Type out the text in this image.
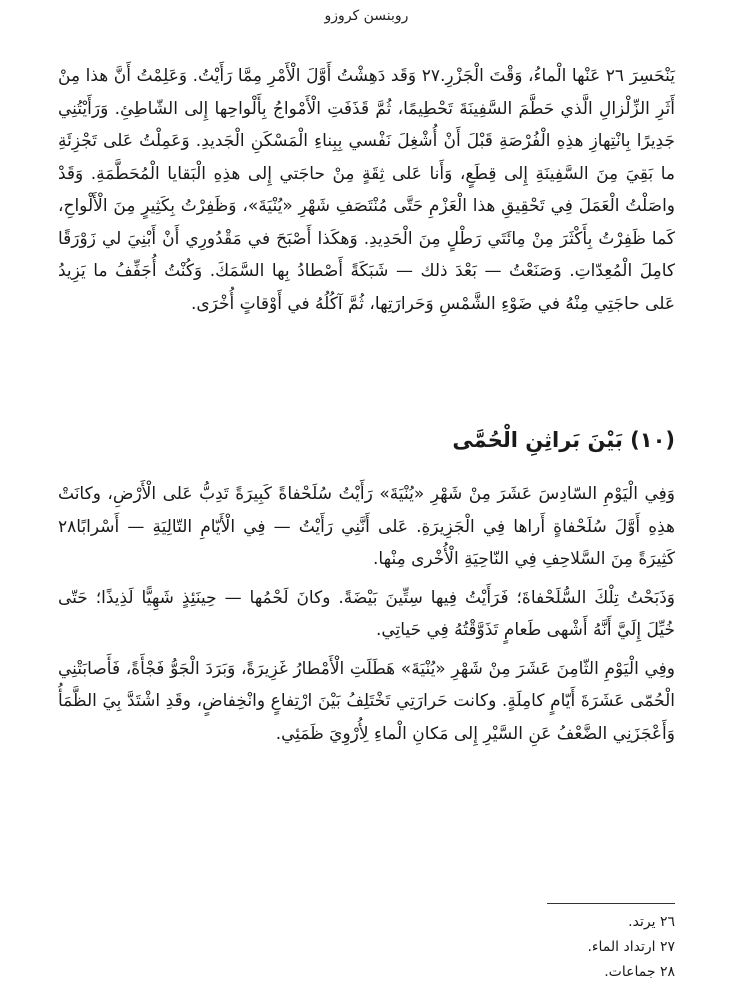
روبنسن كروزو

يَنْحَسِرَ ٢٦ عَنْها الْماءُ، وَقْتَ الْجَزْرِ.٢٧ وَقَد دَهِشْتُ أَوَّلَ الْأَمْرِ مِمَّا رَأَيْتُ. وَعَلِمْتُ أَنَّ هذا مِنْ أَثَرِ الزِّلْزالِ الَّذي حَطَّمَ السَّفِينَةَ تَحْطِيمًا، ثُمَّ قَذَفَتِ الْأَمْواجُ بِأَلْواحِها إِلى الشّاطِئِ. وَرَأَيْتُنِي جَدِيرًا بِانْتِهازِ هذِهِ الْفُرْصَةِ قَبْلَ أَنْ أُشْغِلَ نَفْسي بِبِناءِ الْمَسْكَنِ الْجَديدِ. وَعَمِلْتُ عَلى تَجْزِئَةِ ما بَقِيَ مِنَ السَّفِينَةِ إِلى قِطَعٍ، وَأَنا عَلى ثِقَةٍ مِنْ حاجَتي إِلى هذِهِ الْبَقايا الْمُحَطَّمَةِ. وَقَدْ واصَلْتُ الْعَمَلَ فِي تَحْقِيقِ هذا الْعَزْمِ حَتَّى مُنْتَصَفِ شَهْرِ «يُنْيَةَ»، وَظَفِرْتُ بِكَثِيرٍ مِنَ الْأَلْواحِ، كَما ظَفِرْتُ بِأَكْثَرَ مِنْ مِائَتَي رَطْلٍ مِنَ الْحَدِيدِ. وَهكَذا أَصْبَحَ في مَقْدُورِي أَنْ أَبْنِيَ لي زَوْرَقًا كامِلَ الْمُعِدّاتِ. وَصَنَعْتُ — بَعْدَ ذلك — شَبَكَةً أَصْطادُ بِها السَّمَكَ. وَكُنْتُ أُجَفِّفُ ما يَزِيدُ عَلى حاجَتِي مِنْهُ في ضَوْءِ الشَّمْسِ وَحَرارَتِها، ثُمَّ آكُلُهُ في أَوْقاتٍ أُخْرَى.

(١٠) بَيْنَ بَراثِنِ الْحُمَّى

وَفِي الْيَوْمِ السّادِسَ عَشَرَ مِنْ شَهْرِ «يُنْيَةَ» رَأَيْتُ سُلَحْفاةً كَبِيرَةً تَدِبُّ عَلى الْأَرْضِ، وكانَتْ هذِهِ أَوَّلَ سُلَحْفاةٍ أَراها فِي الْجَزِيرَةِ. عَلى أَنَّنِي رَأَيْتُ — فِي الْأَيّامِ التّالِيَةِ — أَسْرابًا٢٨ كَثِيرَةً مِنَ السَّلاحِفِ فِي النّاحِيَةِ الْأُخْرى مِنْها.

وَذَبَحْتُ تِلْكَ السُّلَحْفاةَ؛ فَرَأَيْتُ فِيها سِتِّينَ بَيْضَةً. وكانَ لَحْمُها — حِينَئِذٍ شَهِيًّا لَذِيذًا؛ حَتّى خُيِّلَ إِلَيَّ أَنَّهُ أَشْهى طَعامٍ تَذَوَّقْتُهُ فِي حَياتِي.

وفِي الْيَوْمِ الثّامِنَ عَشَرَ مِنْ شَهْرِ «يُنْيَةَ» هَطَلَتِ الْأَمْطارُ غَزِيرَةً، وَبَرَدَ الْجَوُّ فَجْأَةً، فَأَصابَتْنِي الْحُمّى عَشَرَةَ أَيّامٍ كامِلَةٍ. وكانت حَرارَتِي تَخْتَلِفُ بَيْنَ ارْتِفاعٍ وانْخِفاضٍ، وقَدِ اشْتَدَّ بِيَ الظَّمَأُ وَأَعْجَزَنِي الضَّعْفُ عَنِ السَّيْرِ إِلى مَكانِ الْماءِ لِأُرْوِيَ ظَمَئِي.

٢٦ يرتد.
٢٧ ارتداد الماء.
٢٨ جماعات.
